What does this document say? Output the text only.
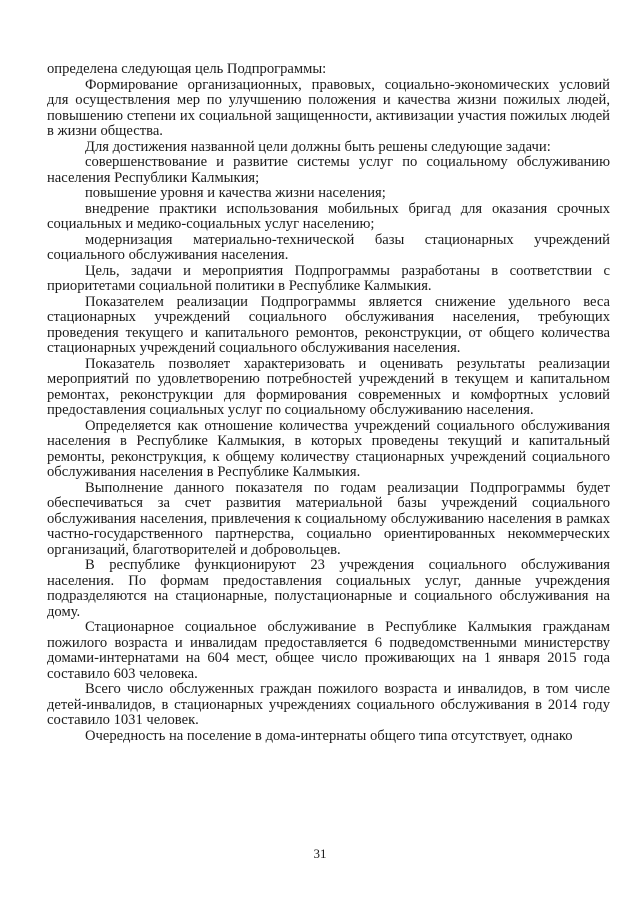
определена следующая цель Подпрограммы:

Формирование организационных, правовых, социально-экономических условий для осуществления мер по улучшению положения и качества жизни пожилых людей, повышению степени их социальной защищенности, активизации участия пожилых людей в жизни общества.

Для достижения названной цели должны быть решены следующие задачи:

совершенствование и развитие системы услуг по социальному обслуживанию населения Республики Калмыкия;

повышение уровня и качества жизни населения;

внедрение практики использования мобильных бригад для оказания срочных социальных и медико-социальных услуг населению;

модернизация материально-технической базы стационарных учреждений социального обслуживания населения.

Цель, задачи и мероприятия Подпрограммы разработаны в соответствии с приоритетами социальной политики в Республике Калмыкия.

Показателем реализации Подпрограммы является снижение удельного веса стационарных учреждений социального обслуживания населения, требующих проведения текущего и капитального ремонтов, реконструкции, от общего количества стационарных учреждений социального обслуживания населения.

Показатель позволяет характеризовать и оценивать результаты реализации мероприятий по удовлетворению потребностей учреждений в текущем и капитальном ремонтах, реконструкции для формирования современных и комфортных условий предоставления социальных услуг по социальному обслуживанию населения.

Определяется как отношение количества учреждений социального обслуживания населения в Республике Калмыкия, в которых проведены текущий и капитальный ремонты, реконструкция, к общему количеству стационарных учреждений социального обслуживания населения в Республике Калмыкия.

Выполнение данного показателя по годам реализации Подпрограммы будет обеспечиваться за счет развития материальной базы учреждений социального обслуживания населения, привлечения к социальному обслуживанию населения в рамках частно-государственного партнерства, социально ориентированных некоммерческих организаций, благотворителей и добровольцев.

В республике функционируют 23 учреждения социального обслуживания населения. По формам предоставления социальных услуг, данные учреждения подразделяются на стационарные, полустационарные и социального обслуживания на дому.

Стационарное социальное обслуживание в Республике Калмыкия гражданам пожилого возраста и инвалидам предоставляется 6 подведомственными министерству домами-интернатами на 604 мест, общее число проживающих на 1 января 2015 года составило 603 человека.

Всего число обслуженных граждан пожилого возраста и инвалидов, в том числе детей-инвалидов, в стационарных учреждениях социального обслуживания в 2014 году составило 1031 человек.

Очередность на поселение в дома-интернаты общего типа отсутствует, однако

31
